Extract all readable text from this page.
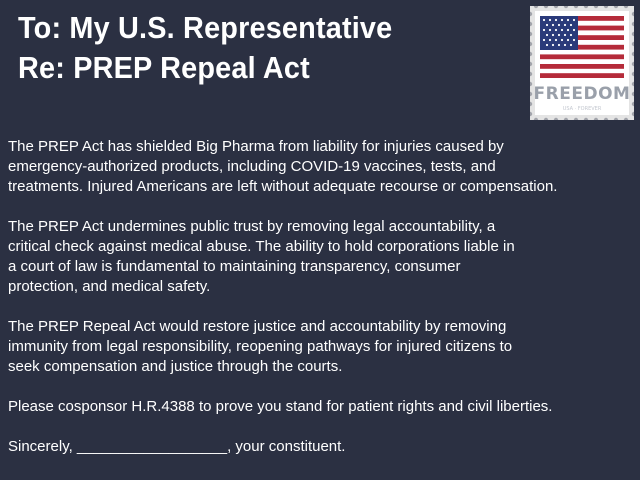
To: My U.S. Representative
Re: PREP Repeal Act
FREEDOM
USA · FOREVER

The PREP Act has shielded Big Pharma from liability for injuries caused by
emergency-authorized products, including COVID-19 vaccines, tests, and
treatments. Injured Americans are left without adequate recourse or compensation.

The PREP Act undermines public trust by removing legal accountability, a
critical check against medical abuse. The ability to hold corporations liable in
a court of law is fundamental to maintaining transparency, consumer
protection, and medical safety.

The PREP Repeal Act would restore justice and accountability by removing
immunity from legal responsibility, reopening pathways for injured citizens to
seek compensation and justice through the courts.

Please cosponsor H.R.4388 to prove you stand for patient rights and civil liberties.

Sincerely, __________________, your constituent.
